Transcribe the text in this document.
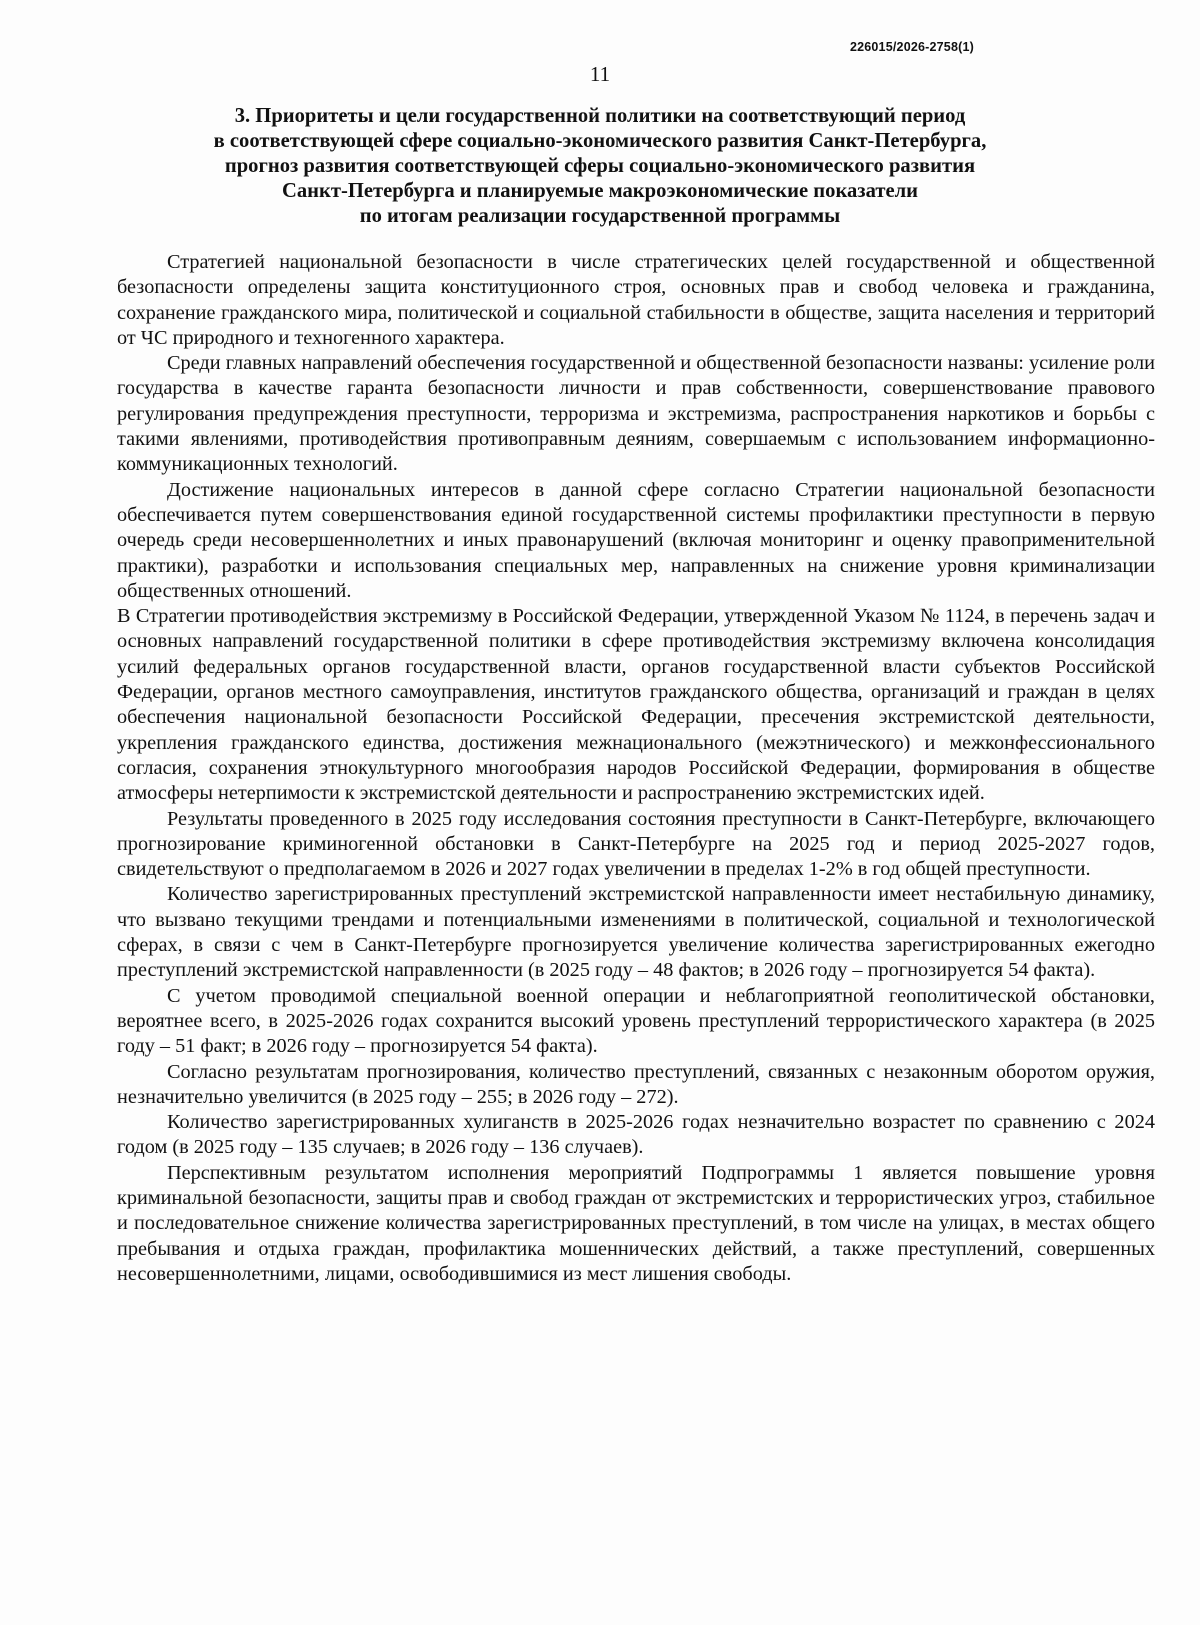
226015/2026-2758(1)
11
3. Приоритеты и цели государственной политики на соответствующий период
в соответствующей сфере социально-экономического развития Санкт-Петербурга,
прогноз развития соответствующей сферы социально-экономического развития
Санкт-Петербурга и планируемые макроэкономические показатели
по итогам реализации государственной программы

Стратегией национальной безопасности в числе стратегических целей государственной и общественной безопасности определены защита конституционного строя, основных прав и свобод человека и гражданина, сохранение гражданского мира, политической и социальной стабильности в обществе, защита населения и территорий от ЧС природного и техногенного характера.

Среди главных направлений обеспечения государственной и общественной безопасности названы: усиление роли государства в качестве гаранта безопасности личности и прав собственности, совершенствование правового регулирования предупреждения преступности, терроризма и экстремизма, распространения наркотиков и борьбы с такими явлениями, противодействия противоправным деяниям, совершаемым с использованием информационно-коммуникационных технологий.

Достижение национальных интересов в данной сфере согласно Стратегии национальной безопасности обеспечивается путем совершенствования единой государственной системы профилактики преступности в первую очередь среди несовершеннолетних и иных правонарушений (включая мониторинг и оценку правоприменительной практики), разработки и использования специальных мер, направленных на снижение уровня криминализации общественных отношений.

В Стратегии противодействия экстремизму в Российской Федерации, утвержденной Указом № 1124, в перечень задач и основных направлений государственной политики в сфере противодействия экстремизму включена консолидация усилий федеральных органов государственной власти, органов государственной власти субъектов Российской Федерации, органов местного самоуправления, институтов гражданского общества, организаций и граждан в целях обеспечения национальной безопасности Российской Федерации, пресечения экстремистской деятельности, укрепления гражданского единства, достижения межнационального (межэтнического) и межконфессионального согласия, сохранения этнокультурного многообразия народов Российской Федерации, формирования в обществе атмосферы нетерпимости к экстремистской деятельности и распространению экстремистских идей.

Результаты проведенного в 2025 году исследования состояния преступности в Санкт-Петербурге, включающего прогнозирование криминогенной обстановки в Санкт-Петербурге на 2025 год и период 2025-2027 годов, свидетельствуют о предполагаемом в 2026 и 2027 годах увеличении в пределах 1-2% в год общей преступности.

Количество зарегистрированных преступлений экстремистской направленности имеет нестабильную динамику, что вызвано текущими трендами и потенциальными изменениями в политической, социальной и технологической сферах, в связи с чем в Санкт-Петербурге прогнозируется увеличение количества зарегистрированных ежегодно преступлений экстремистской направленности (в 2025 году – 48 фактов; в 2026 году – прогнозируется 54 факта).

С учетом проводимой специальной военной операции и неблагоприятной геополитической обстановки, вероятнее всего, в 2025-2026 годах сохранится высокий уровень преступлений террористического характера (в 2025 году – 51 факт; в 2026 году – прогнозируется 54 факта).

Согласно результатам прогнозирования, количество преступлений, связанных с незаконным оборотом оружия, незначительно увеличится (в 2025 году – 255; в 2026 году – 272).

Количество зарегистрированных хулиганств в 2025-2026 годах незначительно возрастет по сравнению с 2024 годом (в 2025 году – 135 случаев; в 2026 году – 136 случаев).

Перспективным результатом исполнения мероприятий Подпрограммы 1 является повышение уровня криминальной безопасности, защиты прав и свобод граждан от экстремистских и террористических угроз, стабильное и последовательное снижение количества зарегистрированных преступлений, в том числе на улицах, в местах общего пребывания и отдыха граждан, профилактика мошеннических действий, а также преступлений, совершенных несовершеннолетними, лицами, освободившимися из мест лишения свободы.
